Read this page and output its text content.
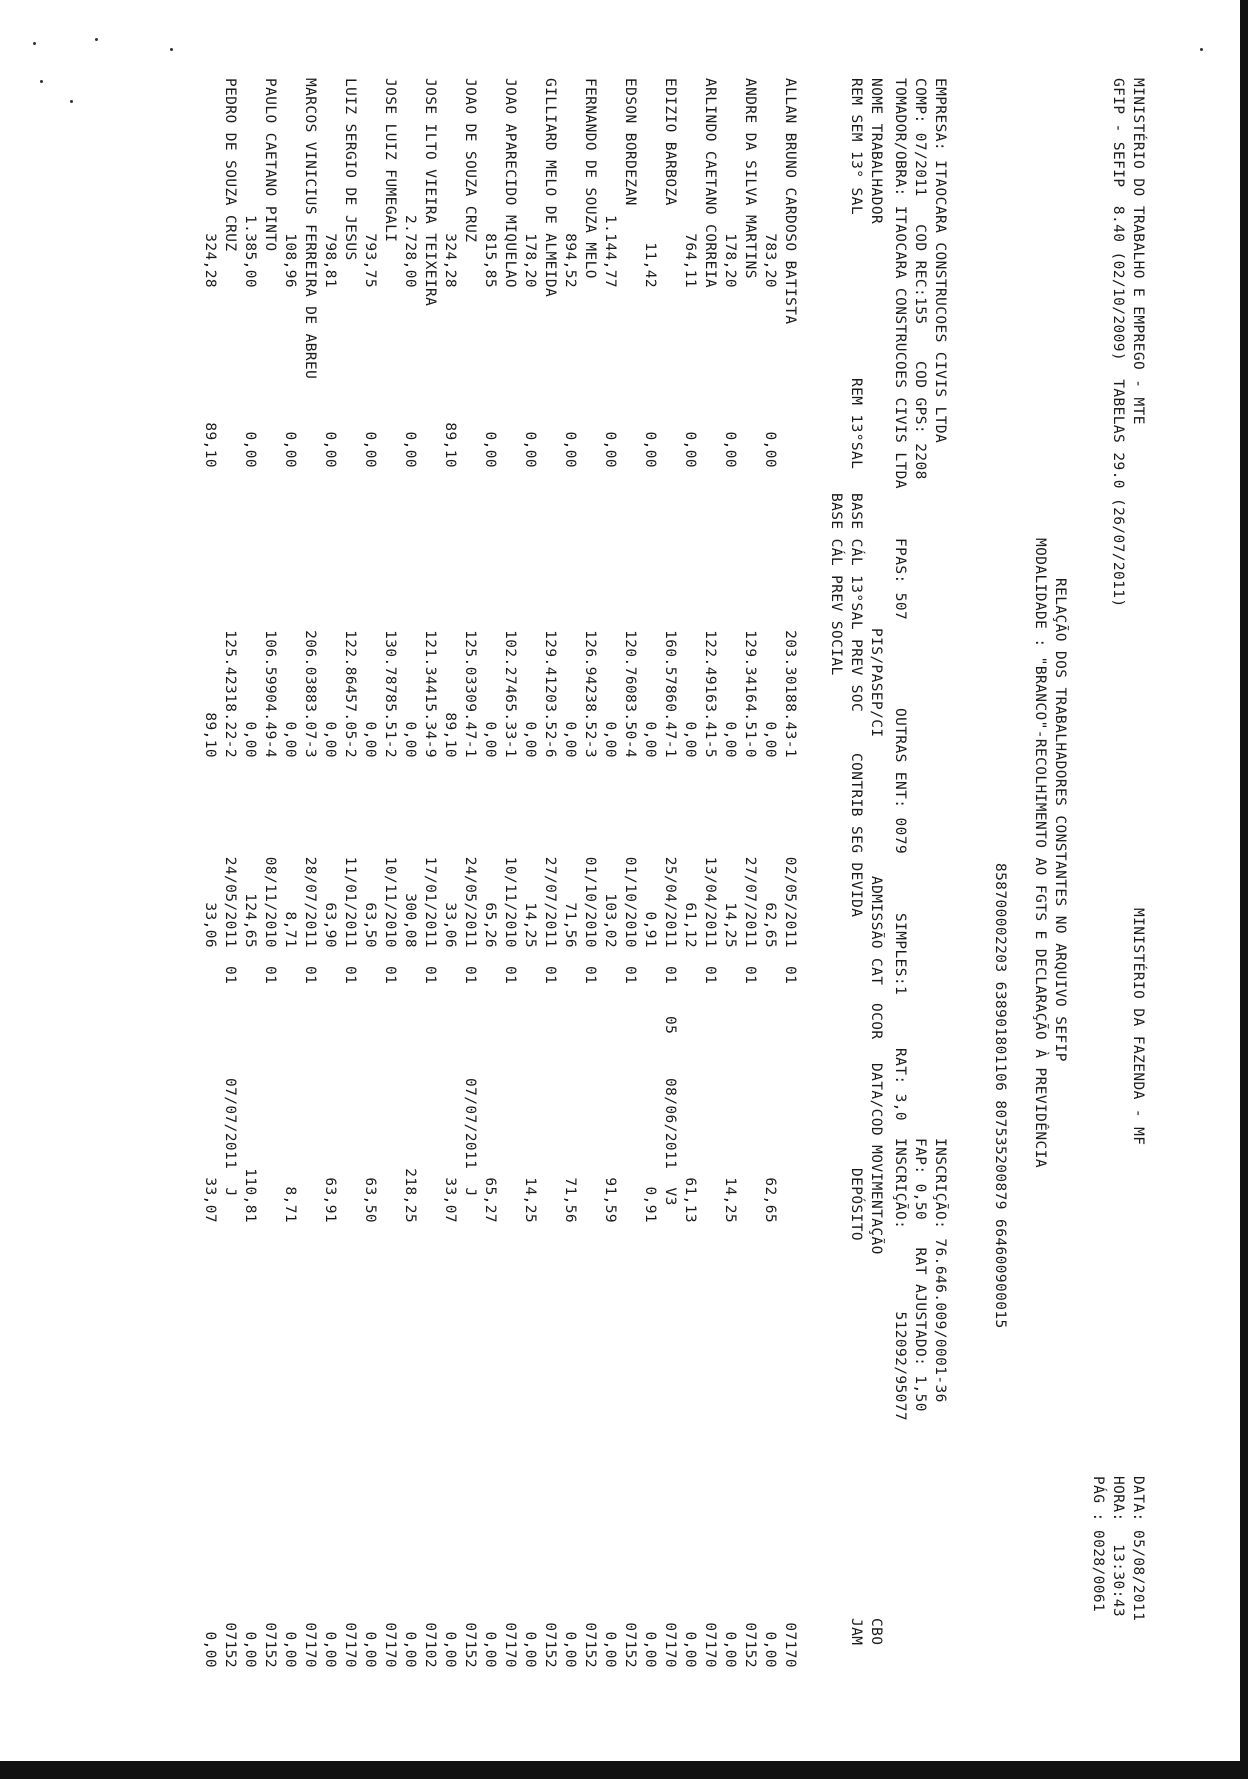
MINISTÉRIO DO TRABALHO E EMPREGO - MTE
MINISTÉRIO DA FAZENDA - MF
GFIP - SEFIP  8.40 (02/10/2009)  TABELAS 29.0 (26/07/2011)
DATA:
05/08/2011
HORA:
13:30:43
PÁG :
0028/0061
RELAÇÃO DOS TRABALHADORES CONSTANTES NO ARQUIVO SEFIP
MODALIDADE : "BRANCO"-RECOLHIMENTO AO FGTS E DECLARAÇÃO À PREVIDÊNCIA
858700002203 638901801106 807535200879 664600900015
EMPRESA: ITAOCARA CONSTRUCOES CIVIS LTDA
INSCRIÇÃO: 76.646.009/0001-36
COMP: 07/2011   COD REC:155    COD GPS: 2208
FPAS: 507
OUTRAS ENT: 0079
SIMPLES:1
RAT: 3,0
FAP: 0,50   RAT AJUSTADO: 1,50
TOMADOR/OBRA: ITAOCARA CONSTRUCOES CIVIS LTDA
INSCRIÇÃO:         512092/95077
NOME TRABALHADOR
PIS/PASEP/CI
ADMISSÃO
CAT
OCOR
DATA/COD MOVIMENTAÇÃO
CBO
REM SEM 13° SAL
REM 13°SAL
BASE CÁL 13°SAL PREV SOC
CONTRIB SEG DEVIDA
DEPÓSITO
JAM
BASE CÁL PREV SOCIAL
ALLAN BRUNO CARDOSO BATISTA
203.30188.43-1
02/05/2011
01
07170
783,20
0,00
0,00
62,65
62,65
0,00
ANDRE DA SILVA MARTINS
129.34164.51-0
27/07/2011
01
07152
178,20
0,00
0,00
14,25
14,25
0,00
ARLINDO CAETANO CORREIA
122.49163.41-5
13/04/2011
01
07170
764,11
0,00
0,00
61,12
61,13
0,00
EDIZIO BARBOZA
160.57860.47-1
25/04/2011
01
05
08/06/2011  V3
07170
11,42
0,00
0,00
0,91
0,91
0,00
EDSON BORDEZAN
120.76083.50-4
01/10/2010
01
07152
1.144,77
0,00
0,00
103,02
91,59
0,00
FERNANDO DE SOUZA MELO
126.94238.52-3
01/10/2010
01
07152
894,52
0,00
0,00
71,56
71,56
0,00
GILLIARD MELO DE ALMEIDA
129.41203.52-6
27/07/2011
01
07152
178,20
0,00
0,00
14,25
14,25
0,00
JOAO APARECIDO MIQUELAO
102.27465.33-1
10/11/2010
01
07170
815,85
0,00
0,00
65,26
65,27
0,00
JOAO DE SOUZA CRUZ
125.03309.47-1
24/05/2011
01
07/07/2011  J
07152
324,28
89,10
89,10
33,06
33,07
0,00
JOSE ILTO VIEIRA TEIXEIRA
121.34415.34-9
17/01/2011
01
07102
2.728,00
0,00
0,00
300,08
218,25
0,00
JOSE LUIZ FUMEGALI
130.78785.51-2
10/11/2010
01
07170
793,75
0,00
0,00
63,50
63,50
0,00
LUIZ SERGIO DE JESUS
122.86457.05-2
11/01/2011
01
07170
798,81
0,00
0,00
63,90
63,91
0,00
MARCOS VINICIUS FERREIRA DE ABREU
206.03883.07-3
28/07/2011
01
07170
108,96
0,00
0,00
8,71
8,71
0,00
PAULO CAETANO PINTO
106.59904.49-4
08/11/2010
01
07152
1.385,00
0,00
0,00
124,65
110,81
0,00
PEDRO DE SOUZA CRUZ
125.42318.22-2
24/05/2011
01
07/07/2011  J
07152
324,28
89,10
89,10
33,06
33,07
0,00
